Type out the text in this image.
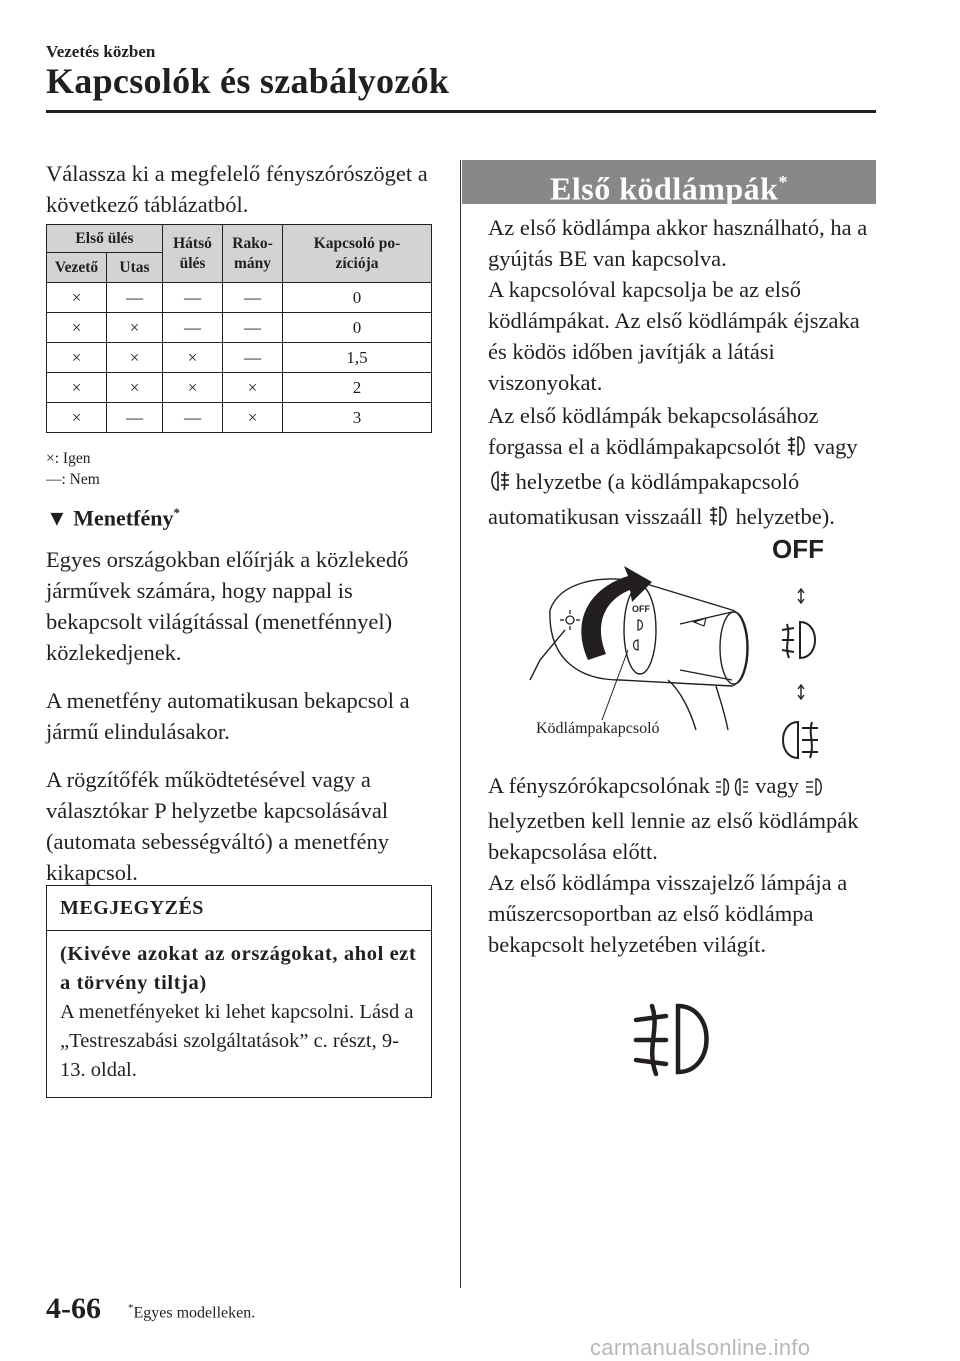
Vezetés közben
Kapcsolók és szabályozók

Válassza ki a megfelelő fényszórószöget a következő táblázatból.

Első ülés		Hátsó ülés	Rako-mány	Kapcsoló po-zíciója

Vezető	Utas			
×	—	—	—	0
×	×	—	—	0
×	×	×	—	1,5
×	×	×	×	2
×	—	—	×	3
×: Igen
—: Nem
▼ Menetfény*

Egyes országokban előírják a közlekedő járművek számára, hogy nappal is bekapcsolt világítással (menetfénnyel) közlekedjenek.

A menetfény automatikusan bekapcsol a jármű elindulásakor.

A rögzítőfék működtetésével vagy a választókar P helyzetbe kapcsolásával (automata sebességváltó) a menetfény kikapcsol.

MEGJEGYZÉS
(Kivéve azokat az országokat, ahol ezt a törvény tiltja)
A menetfényeket ki lehet kapcsolni. Lásd a „Testreszabási szolgáltatások” c. részt, 9-13. oldal.
Első ködlámpák*

Az első ködlámpa akkor használható, ha a gyújtás BE van kapcsolva.
A kapcsolóval kapcsolja be az első ködlámpákat. Az első ködlámpák éjszaka és ködös időben javítják a látási viszonyokat.

Az első ködlámpák bekapcsolásához forgassa el a ködlámpakapcsolót vagy
helyzetbe (a ködlámpakapcsoló automatikusan visszaáll helyzetbe).

OFF
OFF
Ködlámpakapcsoló

A fényszórókapcsolónak vagy
helyzetben kell lennie az első ködlámpák bekapcsolása előtt.
Az első ködlámpa visszajelző lámpája a műszercsoportban az első ködlámpa bekapcsolt helyzetében világít.

4-66 *Egyes modelleken.
carmanualsonline.info
